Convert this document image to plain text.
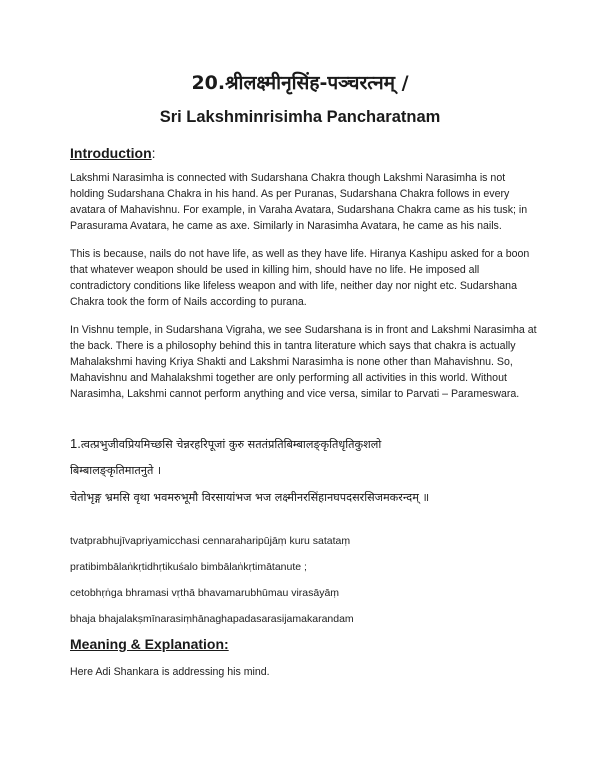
20.श्रीलक्ष्मीनृसिंह-पञ्चरत्नम् /
Sri Lakshminrisimha Pancharatnam
Introduction:

Lakshmi Narasimha is connected with Sudarshana Chakra though Lakshmi Narasimha is not holding Sudarshana Chakra in his hand. As per Puranas, Sudarshana Chakra follows in every avatara of Mahavishnu. For example, in Varaha Avatara, Sudarshana Chakra came as his tusk; in Parasurama Avatara, he came as axe. Similarly in Narasimha Avatara, he came as his nails.

This is because, nails do not have life, as well as they have life. Hiranya Kashipu asked for a boon that whatever weapon should be used in killing him, should have no life. He imposed all contradictory conditions like lifeless weapon and with life, neither day nor night etc. Sudarshana Chakra took the form of Nails according to purana.

In Vishnu temple, in Sudarshana Vigraha, we see Sudarshana is in front and Lakshmi Narasimha at the back. There is a philosophy behind this in tantra literature which says that chakra is actually Mahalakshmi having Kriya Shakti and Lakshmi Narasimha is none other than Mahavishnu. So, Mahavishnu and Mahalakshmi together are only performing all activities in this world. Without Narasimha, Lakshmi cannot perform anything and vice versa, similar to Parvati – Parameswara.

1.त्वत्प्रभुजीवप्रियमिच्छसि चेन्नरहरिपूजां कुरु सततंप्रतिबिम्बालङ्कृतिधृतिकुशलो
बिम्बालङ्कृतिमातनुते ।
चेतोभृङ्ग भ्रमसि वृथा भवमरुभूमौ विरसायांभज भज लक्ष्मीनरसिंहानघपदसरसिजमकरन्दम् ॥
tvatprabhujīvapriyamicchasi cennaraharipūjāṃ kuru satataṃ
pratibimbālaṅkṛtidhṛtikuśalo bimbālaṅkṛtimātanute ;
cetobhṛṅga bhramasi vṛthā bhavamarubhūmau virasāyāṃ
bhaja bhajalakṣmīnarasiṃhānaghapadasarasijamakarandam
Meaning & Explanation:

Here Adi Shankara is addressing his mind.
